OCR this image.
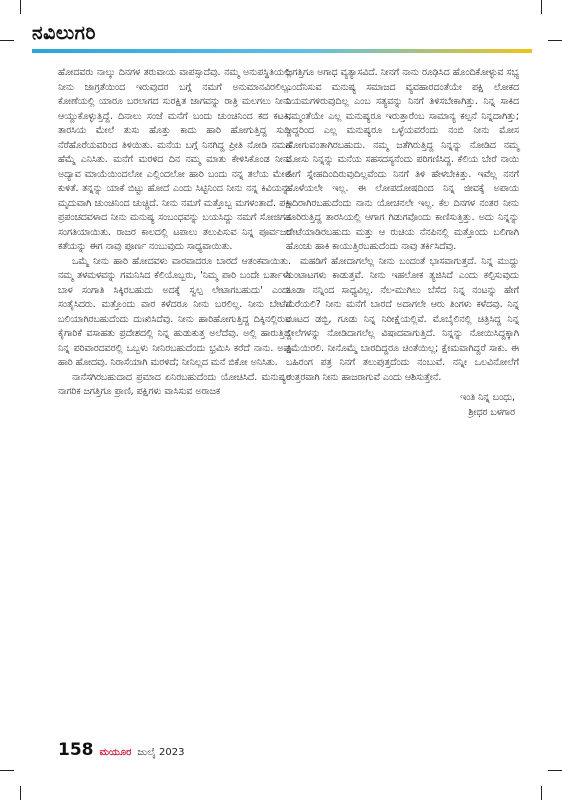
ನವಿಲುಗರಿ

ಹೋದವರು ನಾಲ್ಕು ದಿನಗಳ ತರುವಾಯ ವಾಪಸ್ಸಾದೆವು. ನಮ್ಮ ಅನುಪಸ್ಥಿತಿಯಲ್ಲಿ ನೀನು ಜಾಗ್ರತೆಯಿಂದ ಇರುವುದರ ಬಗ್ಗೆ ನಮಗೆ ಅನುಮಾನವಿರಲಿಲ್ಲ. ಕೋಣೆಯಲ್ಲಿ ಯಾರೂ ಬರಲಾಗದ ಸುರಕ್ಷಿತ ಜಾಗವನ್ನು ರಾತ್ರಿ ಮಲಗಲು ನೀನು ಆಯ್ದುಕೊಳ್ಳುತ್ತಿದ್ದೆ. ದಿನಾಲು ಸಂಜೆ ಮನೆಗೆ ಬಂದು ಚುಂಚಿನಿಂದ ಕದ ಕಟಕಿ, ತಾರಸಿಯ ಮೇಲೆ ತುಸು ಹೊತ್ತು ಕಾದು ಹಾರಿ ಹೋಗುತ್ತಿದ್ದ ಸುದ್ದಿ ನೆರೆಹೊರೆಯವರಿಂದ ತಿಳಿಯಿತು. ಮನೆಯ ಬಗ್ಗೆ ನಿನಗಿದ್ದ ಪ್ರೀತಿ ನೋಡಿ ನಮಗೆ ಹೆಮ್ಮೆ ಎನಿಸಿತು. ಮನೆಗೆ ಮರಳಿದ ದಿನ ನಮ್ಮ ಮಾತು ಕೇಳಿಸಿಕೊಂಡ ನೀನು ಅದ್ಯಾವ ಮಾಯೆಯಿಂದಲೋ ಎಲ್ಲಿಂದಲೋ ಹಾರಿ ಬಂದು ನನ್ನ ತಲೆಯ ಮೇಲೆ ಕುಳಿತೆ. ತನ್ನನ್ನು ಯಾಕೆ ಬಿಟ್ಟು ಹೋದೆ ಎಂದು ಸಿಟ್ಟಿನಿಂದ ನೀನು ನನ್ನ ಕಿವಿಯನ್ನು ಮೃದುವಾಗಿ ಚುಂಚಿನಿಂದ ಚುಚ್ಚಿದೆ. ನೀನು ನಮಗೆ ಮತ್ತೊಬ್ಬ ಮಗಳಂತಾದೆ. ಪಕ್ಷಿ ಪ್ರಪಂಚದವಳಾದ ನೀನು ಮನುಷ್ಯ ಸಂಬಂಧವನ್ನು ಬಯಸಿದ್ದು ನಮಗೆ ಸೋಜಿಗದ ಸಂಗತಿಯಾಯಿತು. ರಾಜರ ಕಾಲದಲ್ಲಿ ಟಪಾಲು ತಲುಪಿಸುವ ನಿನ್ನ ಪೂರ್ವಜರ ಕತೆಯನ್ನು ಈಗ ನಾವು ಪೂರ್ಣ ನಂಬುವುದು ಸಾಧ್ಯವಾಯಿತು.

ಒಮ್ಮೆ ನೀನು ಹಾರಿ ಹೋದವಳು ವಾರವಾದರೂ ಬಾರದೆ ಆತಂಕವಾಯಿತು. ನಮ್ಮ ತಳಮಳವನ್ನು ಗಮನಿಸಿದ ಕೆಲಿಯೊಬ್ಬರು, 'ನಿಮ್ಮ ಪಾರಿ ಬಂದೇ ಬರ್ತಾಳೆ. ಬಾಳ ಸಂಗಾತಿ ಸಿಕ್ಕಿರಬಹುದು ಅದಕ್ಕೆ ಸ್ವಲ್ಪ ಲೇಟಾಗಬಹುದು' ಎಂದು ಸಂತೈಸಿದರು. ಮತ್ತೊಂದು ವಾರ ಕಳೆದರೂ ನೀನು ಬರಲಿಲ್ಲ. ನೀನು ಬೇಟೆಗೆ ಬಲಿಯಾಗಿರಬಹುದೆಂದು ದುಃಖಿಸಿದೆವು. ನೀನು ಹಾರಿಹೋಗುತ್ತಿದ್ದ ದಿಕ್ಕಿನಲ್ಲಿರುವ ಕೈಗಾರಿಕೆ ವಸಾಹತು ಪ್ರದೇಶದಲ್ಲಿ ನಿನ್ನ ಹುಡುಕುತ್ತ ಅಲೆದೆವು. ಅಲ್ಲಿ ಹಾರುತ್ತಿದ್ದ ನಿನ್ನ ಪರಿವಾರದವರಲ್ಲಿ ಒಬ್ಬಳು ನೀನಿರಬಹುದೆಂದು ಭ್ರಮಿಸಿ ಕರೆದೆ ನಾನು. ಅವು ಹಾರಿ ಹೋದವು. ನಿರಾಸೆಯಾಗಿ ಮರಳಿದೆ; ನೀನಿಲ್ಲದ ಮನೆ ಬಿಕೋ ಅನಿಸಿತು.

ನಾನೆಸಗಿರಬಹುದಾದ ಪ್ರಮಾದ ಏನಿರಬಹುದೆಂದು ಯೋಚಿಸಿದೆ. ಮನುಷ್ಯರ ನಾಗರಿಕ ಜಗತ್ತಿಗೂ ಪ್ರಾಣಿ, ಪಕ್ಷಿಗಳು ವಾಸಿಸುವ ಅರಾಜಕ

ಜಗತ್ತಿಗೂ ಅಗಾಧ ವ್ಯತ್ಯಾಸವಿದೆ. ನೀನಗೆ ನಾನು ರೂಢಿಸಿದ ಹೊಂದಿಕೋಳ್ಳುವ ಸಭ್ಯ ಎಂದೆನಿಸುವ ಮನುಷ್ಯ ಸಮಾಜದ ವ್ಯವಹಾರದಂತೆಯೇ ಪಕ್ಷಿ ಲೋಕದ ನಿಯಮಗಳಿರುವುದಿಲ್ಲ ಎಂಬ ಸತ್ಯವನ್ನು ನಿನಗೆ ತಿಳಿಸಬೇಕಾಗಿತ್ತು. ನಿನ್ನ ಸಾಕಿದ ನಮ್ಮಂತೆಯೇ ಎಲ್ಲ ಮನುಷ್ಯರೂ ಇರುತ್ತಾರೆಂಬ ಸಾಮಾನ್ಯ ಕಲ್ಪನೆ ನಿನ್ನದಾಗಿತ್ತು; ಅದ್ದರಿಂದ ಎಲ್ಲ ಮನುಷ್ಯರೂ ಒಳ್ಳೆಯವರೆಂದು ನಂಬಿ ನೀನು ಮೋಸ ಹೋಗುವಂತಾಗಿರಬಹುದು. ನಮ್ಮ ಜತೆಗಿರುತ್ತಿದ್ದ ನಿನ್ನನ್ನು ನೋಡಿದ ನಮ್ಮ ಮೋಸು ನಿನ್ನನ್ನು ಮನೆಯ ಸಹಸದಸ್ಯನೆಂದು ಪರಿಗಣಿಸಿದ್ದ. ಕೆಲಿಯ ಬೇರೆ ನಾಯಿ ಹೀಗೆ ಸ್ನೇಹದಿಂದಿರುವುದಿಲ್ಲವೆಂದು ನಿನಗೆ ತಿಳಿ ಹೇಳಬೇಕಿತ್ತು. ಇವೆಲ್ಲ ನನಗೆ ಹೊಳೆಯಲೇ ಇಲ್ಲ. ಈ ಲೋಪದೋಷದಿಂದ ನಿನ್ನ ಜೀವಕ್ಕೆ ಅಪಾಯ ಇದಿರಾಗಿರಬಹುದೆಂದು ನಾನು ಯೋಚನಲೇ ಇಲ್ಲ. ಕೆಲ ದಿನಗಳ ನಂತರ ನೀನು ಕೂರಿರುತ್ತಿದ್ದ ತಾರಸಿಯಲ್ಲಿ ಆಗಾಗ ಗಿಡುಗವೊಂದು ಕಾಣಿಸುತ್ತಿತ್ತು. ಅದು ನಿನ್ನನ್ನು ಬೇಟೆಯಾಡಿರಬಹುದು ಮತ್ತು ಆ ರುಚಿಯ ನೆನಪಿನಲ್ಲಿ ಮತ್ತೊಂದು ಬಲಿಗಾಗಿ ಹೊಂಚು ಹಾಕಿ ಕಾಯುತ್ತಿರಬಹುದೆಂದು ನಾವು ತರ್ಕಿಸಿದೆವು.

ಮಹಡಿಗೆ ಹೋದಾಗಲೆಲ್ಲ ನೀನು ಬಂದಂತೆ ಭಾಸವಾಗುತ್ತದೆ. ನಿನ್ನ ಮುದ್ದು ತುಂಟಾಟಗಳು ಕಾಡುತ್ತವೆ. ನೀನು ಇಹಲೋಕ ತ್ಯಜಿಸಿದೆ ಎಂದು ಕಲ್ಪಿಸುವುದು ಕೂಡಾ ನನ್ನಿಂದ ಸಾಧ್ಯವಿಲ್ಲ. ನೆಲ-ಮುಗಿಲು ಬೆಸೆದ ನಿನ್ನ ನಂಟನ್ನು ಹೇಗೆ ಮರೆಯಲಿ? ನೀನು ಮನೆಗೆ ಬಾರದೆ ಅದಾಗಲೇ ಆರು ತಿಂಗಳು ಕಳೆದವು. ನಿನ್ನ ಊಟದ ಡಬ್ಬಿ, ಗೂಡು ನಿನ್ನ ನಿರೀಕ್ಷೆಯಲ್ಲಿವೆ. ಮೊಬೈಲಿನಲ್ಲಿ ಚಿತ್ರಿಸಿದ್ದ ನಿನ್ನ ಲೀಲೆಗಳನ್ನು ನೋಡಿದಾಗಲೆಲ್ಲ ವಿಷಾದವಾಗುತ್ತಿದೆ. ನಿನ್ನನ್ನು ನೋಯಿಸಿದ್ದಕ್ಕಾಗಿ ಕ್ಷಮೆಯಿರಲಿ. ನೀನೊಮ್ಮೆ ಬಾರದಿದ್ದರೂ ಚಿಂತೆಯಿಲ್ಲ; ಕ್ಷೇಮವಾಗಿದ್ದರೆ ಸಾಕು. ಈ ಬಹಿರಂಗ ಪತ್ರ ನಿನಗೆ ತಲುಪುತ್ತದೆಂದು ನಂಬುವೆ. ನನ್ನೀ ಒಲವಿನೋಲೆಗೆ ಉತ್ತರವಾಗಿ ನೀನು ಹಾಜರಾಗುವೆ ಎಂದು ಆಶಿಸುತ್ತೇನೆ.

ಇಂತಿ ನಿನ್ನ ಬಂಧು,
ಶ್ರೀಧರ ಬಳಗಾರ
158 ಮಯೂರ ಜುಲೈ 2023
